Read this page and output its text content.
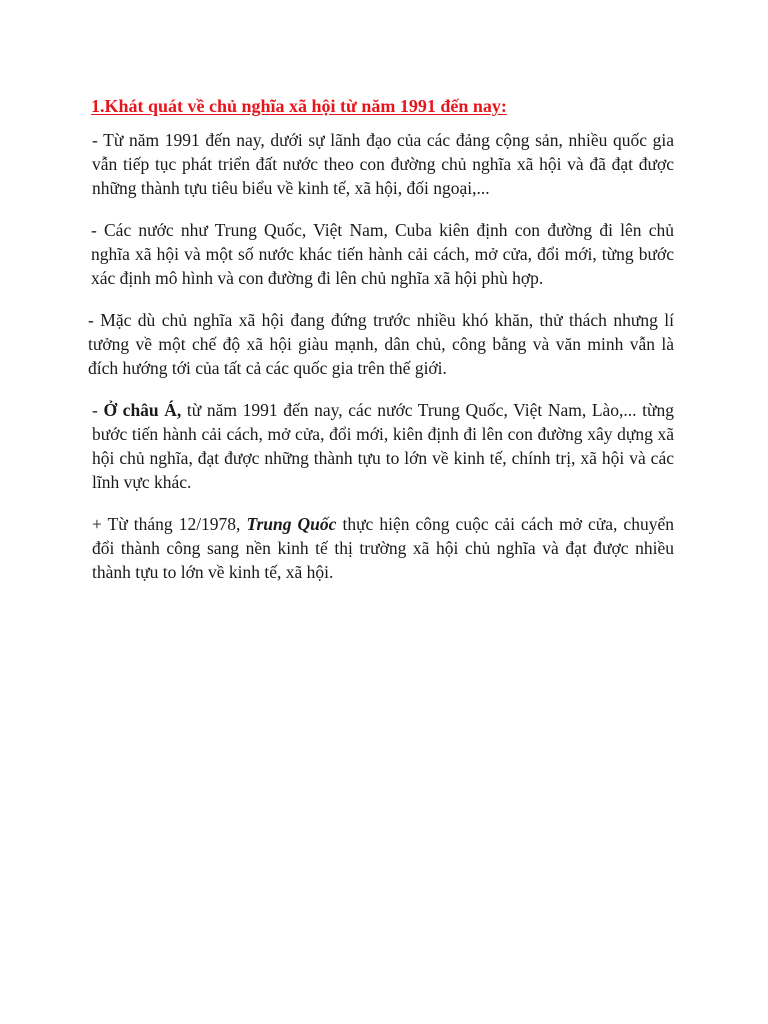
1.Khát quát về chủ nghĩa xã hội từ năm 1991 đến nay:

- Từ năm 1991 đến nay, dưới sự lãnh đạo của các đảng cộng sản, nhiều quốc gia vẫn tiếp tục phát triển đất nước theo con đường chủ nghĩa xã hội và đã đạt được những thành tựu tiêu biểu về kinh tế, xã hội, đối ngoại,...

- Các nước như Trung Quốc, Việt Nam, Cuba kiên định con đường đi lên chủ nghĩa xã hội và một số nước khác tiến hành cải cách, mở cửa, đổi mới, từng bước xác định mô hình và con đường đi lên chủ nghĩa xã hội phù hợp.

- Mặc dù chủ nghĩa xã hội đang đứng trước nhiều khó khăn, thử thách nhưng lí tưởng về một chế độ xã hội giàu mạnh, dân chủ, công bằng và văn minh vẫn là đích hướng tới của tất cả các quốc gia trên thế giới.

- Ở châu Á, từ năm 1991 đến nay, các nước Trung Quốc, Việt Nam, Lào,... từng bước tiến hành cải cách, mở cửa, đổi mới, kiên định đi lên con đường xây dựng xã hội chủ nghĩa, đạt được những thành tựu to lớn về kinh tế, chính trị, xã hội và các lĩnh vực khác.

+ Từ tháng 12/1978, Trung Quốc thực hiện công cuộc cải cách mở cửa, chuyển đổi thành công sang nền kinh tế thị trường xã hội chủ nghĩa và đạt được nhiều thành tựu to lớn về kinh tế, xã hội.
